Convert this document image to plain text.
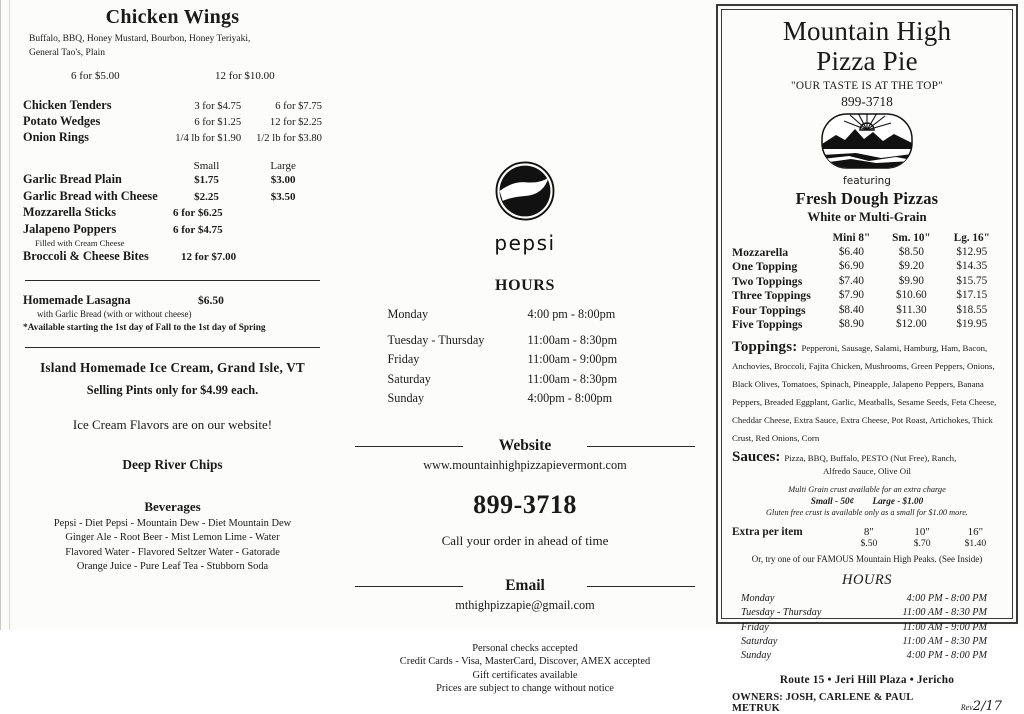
Chicken Wings
Buffalo, BBQ, Honey Mustard, Bourbon, Honey Teriyaki,
General Tao's, Plain
6 for $5.00	12 for $10.00
Chicken Tenders	3 for $4.75	6 for $7.75
Potato Wedges	6 for $1.25	12 for $2.25
Onion Rings	1/4 lb for $1.90	1/2 lb for $3.80
Small	Large
Garlic Bread Plain	$1.75	$3.00
Garlic Bread with Cheese	$2.25	$3.50
Mozzarella Sticks	6 for $6.25
Jalapeno Poppers	6 for $4.75
Filled with Cream Cheese
Broccoli & Cheese Bites	12 for $7.00
Homemade Lasagna	$6.50
with Garlic Bread (with or without cheese)
*Available starting the 1st day of Fall to the 1st day of Spring
Island Homemade Ice Cream, Grand Isle, VT
Selling Pints only for $4.99 each.
Ice Cream Flavors are on our website!
Deep River Chips
Beverages
Pepsi - Diet Pepsi - Mountain Dew - Diet Mountain Dew
Ginger Ale - Root Beer - Mist Lemon Lime - Water
Flavored Water - Flavored Seltzer Water - Gatorade
Orange Juice - Pure Leaf Tea - Stubborn Soda
pepsi
HOURS
Monday	4:00 pm - 8:00pm
Tuesday - Thursday	11:00am - 8:30pm
Friday	11:00am - 9:00pm
Saturday	11:00am - 8:30pm
Sunday	4:00pm - 8:00pm
Website
www.mountainhighpizzapievermont.com
899-3718
Call your order in ahead of time
Email
mthighpizzapie@gmail.com
Personal checks accepted
Credit Cards - Visa, MasterCard, Discover, AMEX accepted
Gift certificates available
Prices are subject to change without notice
Mountain High
Pizza Pie
"OUR TASTE IS AT THE TOP"
899-3718
featuring
Fresh Dough Pizzas
White or Multi-Grain
	Mini 8"	Sm. 10"	Lg. 16"
Mozzarella	$6.40	$8.50	$12.95
One Topping	$6.90	$9.20	$14.35
Two Toppings	$7.40	$9.90	$15.75
Three Toppings	$7.90	$10.60	$17.15
Four Toppings	$8.40	$11.30	$18.55
Five Toppings	$8.90	$12.00	$19.95
Toppings: Pepperoni, Sausage, Salami, Hamburg, Ham, Bacon, Anchovies, Broccoli, Fajita Chicken, Mushrooms, Green Peppers, Onions, Black Olives, Tomatoes, Spinach, Pineapple, Jalapeno Peppers, Banana Peppers, Breaded Eggplant, Garlic, Meatballs, Sesame Seeds, Feta Cheese, Cheddar Cheese, Extra Sauce, Extra Cheese, Pot Roast, Artichokes, Thick Crust, Red Onions, Corn
Sauces: Pizza, BBQ, Buffalo, PESTO (Nut Free), Ranch,
Alfredo Sauce, Olive Oil
Multi Grain crust available for an extra charge
Small - 50¢ Large - $1.00
Gluten free crust is available only as a small for $1.00 more.
Extra per item	8"	10"	16"
$.50	$.70	$1.40
Or, try one of our FAMOUS Mountain High Peaks. (See Inside)
HOURS
Monday	4:00 PM - 8:00 PM
Tuesday - Thursday	11:00 AM - 8:30 PM
Friday	11:00 AM - 9:00 PM
Saturday	11:00 AM - 8:30 PM
Sunday	4:00 PM - 8:00 PM
Route 15 • Jeri Hill Plaza • Jericho
OWNERS: JOSH, CARLENE & PAUL METRUK	Rev2/17
